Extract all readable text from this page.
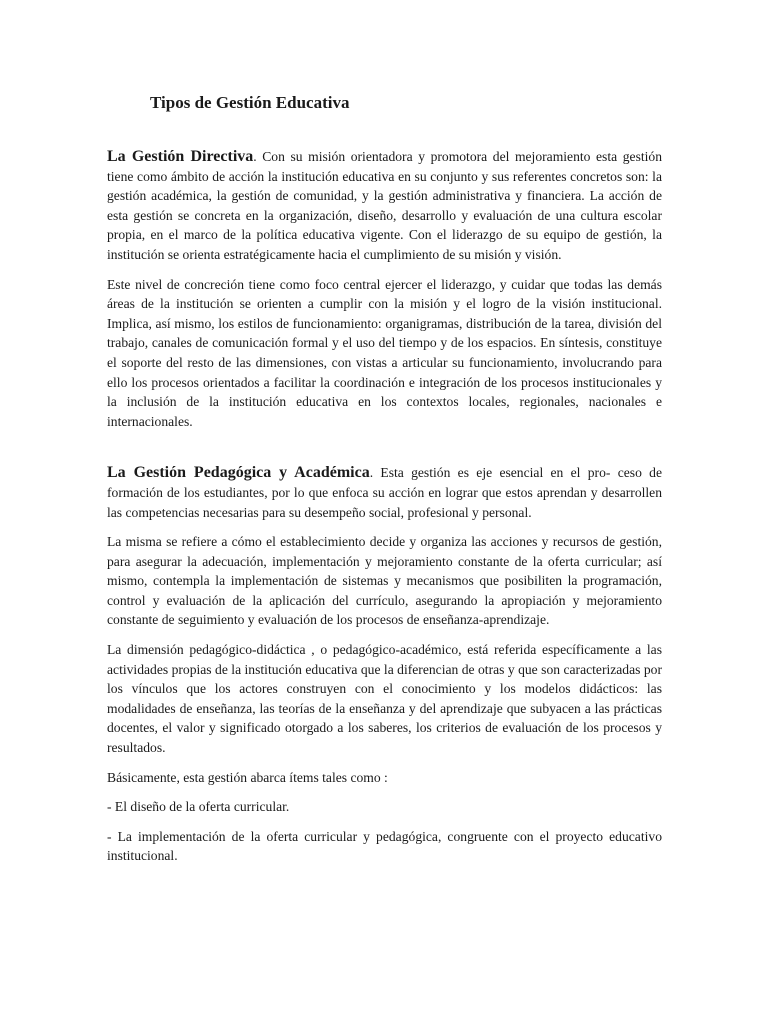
Tipos de Gestión Educativa

La Gestión Directiva. Con su misión orientadora y promotora del mejoramiento esta gestión tiene como ámbito de acción la institución educativa en su conjunto y sus referentes concretos son: la gestión académica, la gestión de comunidad, y la gestión administrativa y financiera. La acción de esta gestión se concreta en la organización, diseño, desarrollo y evaluación de una cultura escolar propia, en el marco de la política educativa vigente. Con el liderazgo de su equipo de gestión, la institución se orienta estratégicamente hacia el cumplimiento de su misión y visión.

Este nivel de concreción tiene como foco central ejercer el liderazgo, y cuidar que todas las demás áreas de la institución se orienten a cumplir con la misión y el logro de la visión institucional. Implica, así mismo, los estilos de funcionamiento: organigramas, distribución de la tarea, división del trabajo, canales de comunicación formal y el uso del tiempo y de los espacios. En síntesis, constituye el soporte del resto de las dimensiones, con vistas a articular su funcionamiento, involucrando para ello los procesos orientados a facilitar la coordinación e integración de los procesos institucionales y la inclusión de la institución educativa en los contextos locales, regionales, nacionales e internacionales.

La Gestión Pedagógica y Académica. Esta gestión es eje esencial en el pro- ceso de formación de los estudiantes, por lo que enfoca su acción en lograr que estos aprendan y desarrollen las competencias necesarias para su desempeño social, profesional y personal.

La misma se refiere a cómo el establecimiento decide y organiza las acciones y recursos de gestión, para asegurar la adecuación, implementación y mejoramiento constante de la oferta curricular; así mismo, contempla la implementación de sistemas y mecanismos que posibiliten la programación, control y evaluación de la aplicación del currículo, asegurando la apropiación y mejoramiento constante de seguimiento y evaluación de los procesos de enseñanza-aprendizaje.

La dimensión pedagógico-didáctica , o pedagógico-académico, está referida específicamente a las actividades propias de la institución educativa que la diferencian de otras y que son caracterizadas por los vínculos que los actores construyen con el conocimiento y los modelos didácticos: las modalidades de enseñanza, las teorías de la enseñanza y del aprendizaje que subyacen a las prácticas docentes, el valor y significado otorgado a los saberes, los criterios de evaluación de los procesos y resultados.

Básicamente, esta gestión abarca ítems tales como :

- El diseño de la oferta curricular.

- La implementación de la oferta curricular y pedagógica, congruente con el proyecto educativo institucional.
